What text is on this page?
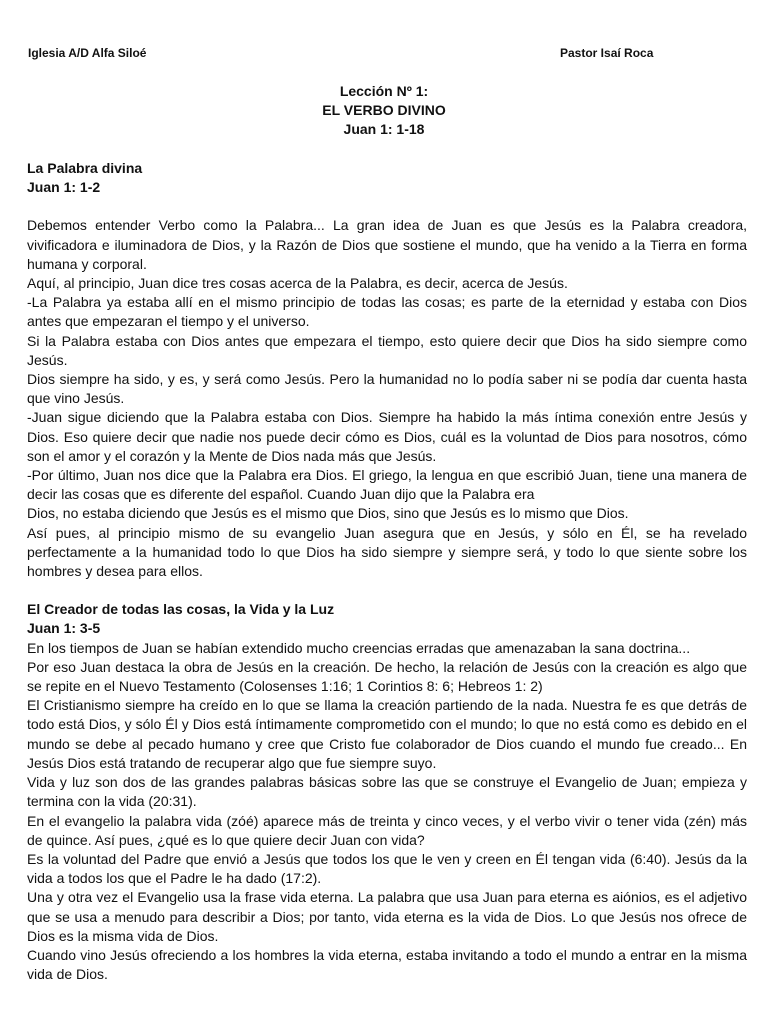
Iglesia A/D Alfa Siloé	Pastor Isaí Roca
Lección Nº 1:
EL VERBO DIVINO
Juan 1: 1-18
La Palabra divina
Juan 1: 1-2

Debemos entender Verbo como la Palabra... La gran idea de Juan es que Jesús es la Palabra creadora, vivificadora e iluminadora de Dios, y la Razón de Dios que sostiene el mundo, que ha venido a la Tierra en forma humana y corporal.

Aquí, al principio, Juan dice tres cosas acerca de la Palabra, es decir, acerca de Jesús.

-La Palabra ya estaba allí en el mismo principio de todas las cosas; es parte de la eternidad y estaba con Dios antes que empezaran el tiempo y el universo.

Si la Palabra estaba con Dios antes que empezara el tiempo, esto quiere decir que Dios ha sido siempre como Jesús.

Dios siempre ha sido, y es, y será como Jesús. Pero la humanidad no lo podía saber ni se podía dar cuenta hasta que vino Jesús.

-Juan sigue diciendo que la Palabra estaba con Dios. Siempre ha habido la más íntima conexión entre Jesús y Dios. Eso quiere decir que nadie nos puede decir cómo es Dios, cuál es la voluntad de Dios para nosotros, cómo son el amor y el corazón y la Mente de Dios nada más que Jesús.

-Por último, Juan nos dice que la Palabra era Dios. El griego, la lengua en que escribió Juan, tiene una manera de decir las cosas que es diferente del español. Cuando Juan dijo que la Palabra era

Dios, no estaba diciendo que Jesús es el mismo que Dios, sino que Jesús es lo mismo que Dios.

Así pues, al principio mismo de su evangelio Juan asegura que en Jesús, y sólo en Él, se ha revelado perfectamente a la humanidad todo lo que Dios ha sido siempre y siempre será, y todo lo que siente sobre los hombres y desea para ellos.

El Creador de todas las cosas, la Vida y la Luz
Juan 1: 3-5

En los tiempos de Juan se habían extendido mucho creencias erradas que amenazaban la sana doctrina...

Por eso Juan destaca la obra de Jesús en la creación. De hecho, la relación de Jesús con la creación es algo que se repite en el Nuevo Testamento (Colosenses 1:16; 1 Corintios 8: 6; Hebreos 1: 2)

El Cristianismo siempre ha creído en lo que se llama la creación partiendo de la nada. Nuestra fe es que detrás de todo está Dios, y sólo Él y Dios está íntimamente comprometido con el mundo; lo que no está como es debido en el mundo se debe al pecado humano y cree que Cristo fue colaborador de Dios cuando el mundo fue creado... En Jesús Dios está tratando de recuperar algo que fue siempre suyo.

Vida y luz son dos de las grandes palabras básicas sobre las que se construye el Evangelio de Juan; empieza y termina con la vida (20:31).

En el evangelio la palabra vida (zóé) aparece más de treinta y cinco veces, y el verbo vivir o tener vida (zén) más de quince. Así pues, ¿qué es lo que quiere decir Juan con vida?

Es la voluntad del Padre que envió a Jesús que todos los que le ven y creen en Él tengan vida (6:40). Jesús da la vida a todos los que el Padre le ha dado (17:2).

Una y otra vez el Evangelio usa la frase vida eterna. La palabra que usa Juan para eterna es aiónios, es el adjetivo que se usa a menudo para describir a Dios; por tanto, vida eterna es la vida de Dios. Lo que Jesús nos ofrece de Dios es la misma vida de Dios.

Cuando vino Jesús ofreciendo a los hombres la vida eterna, estaba invitando a todo el mundo a entrar en la misma vida de Dios.
